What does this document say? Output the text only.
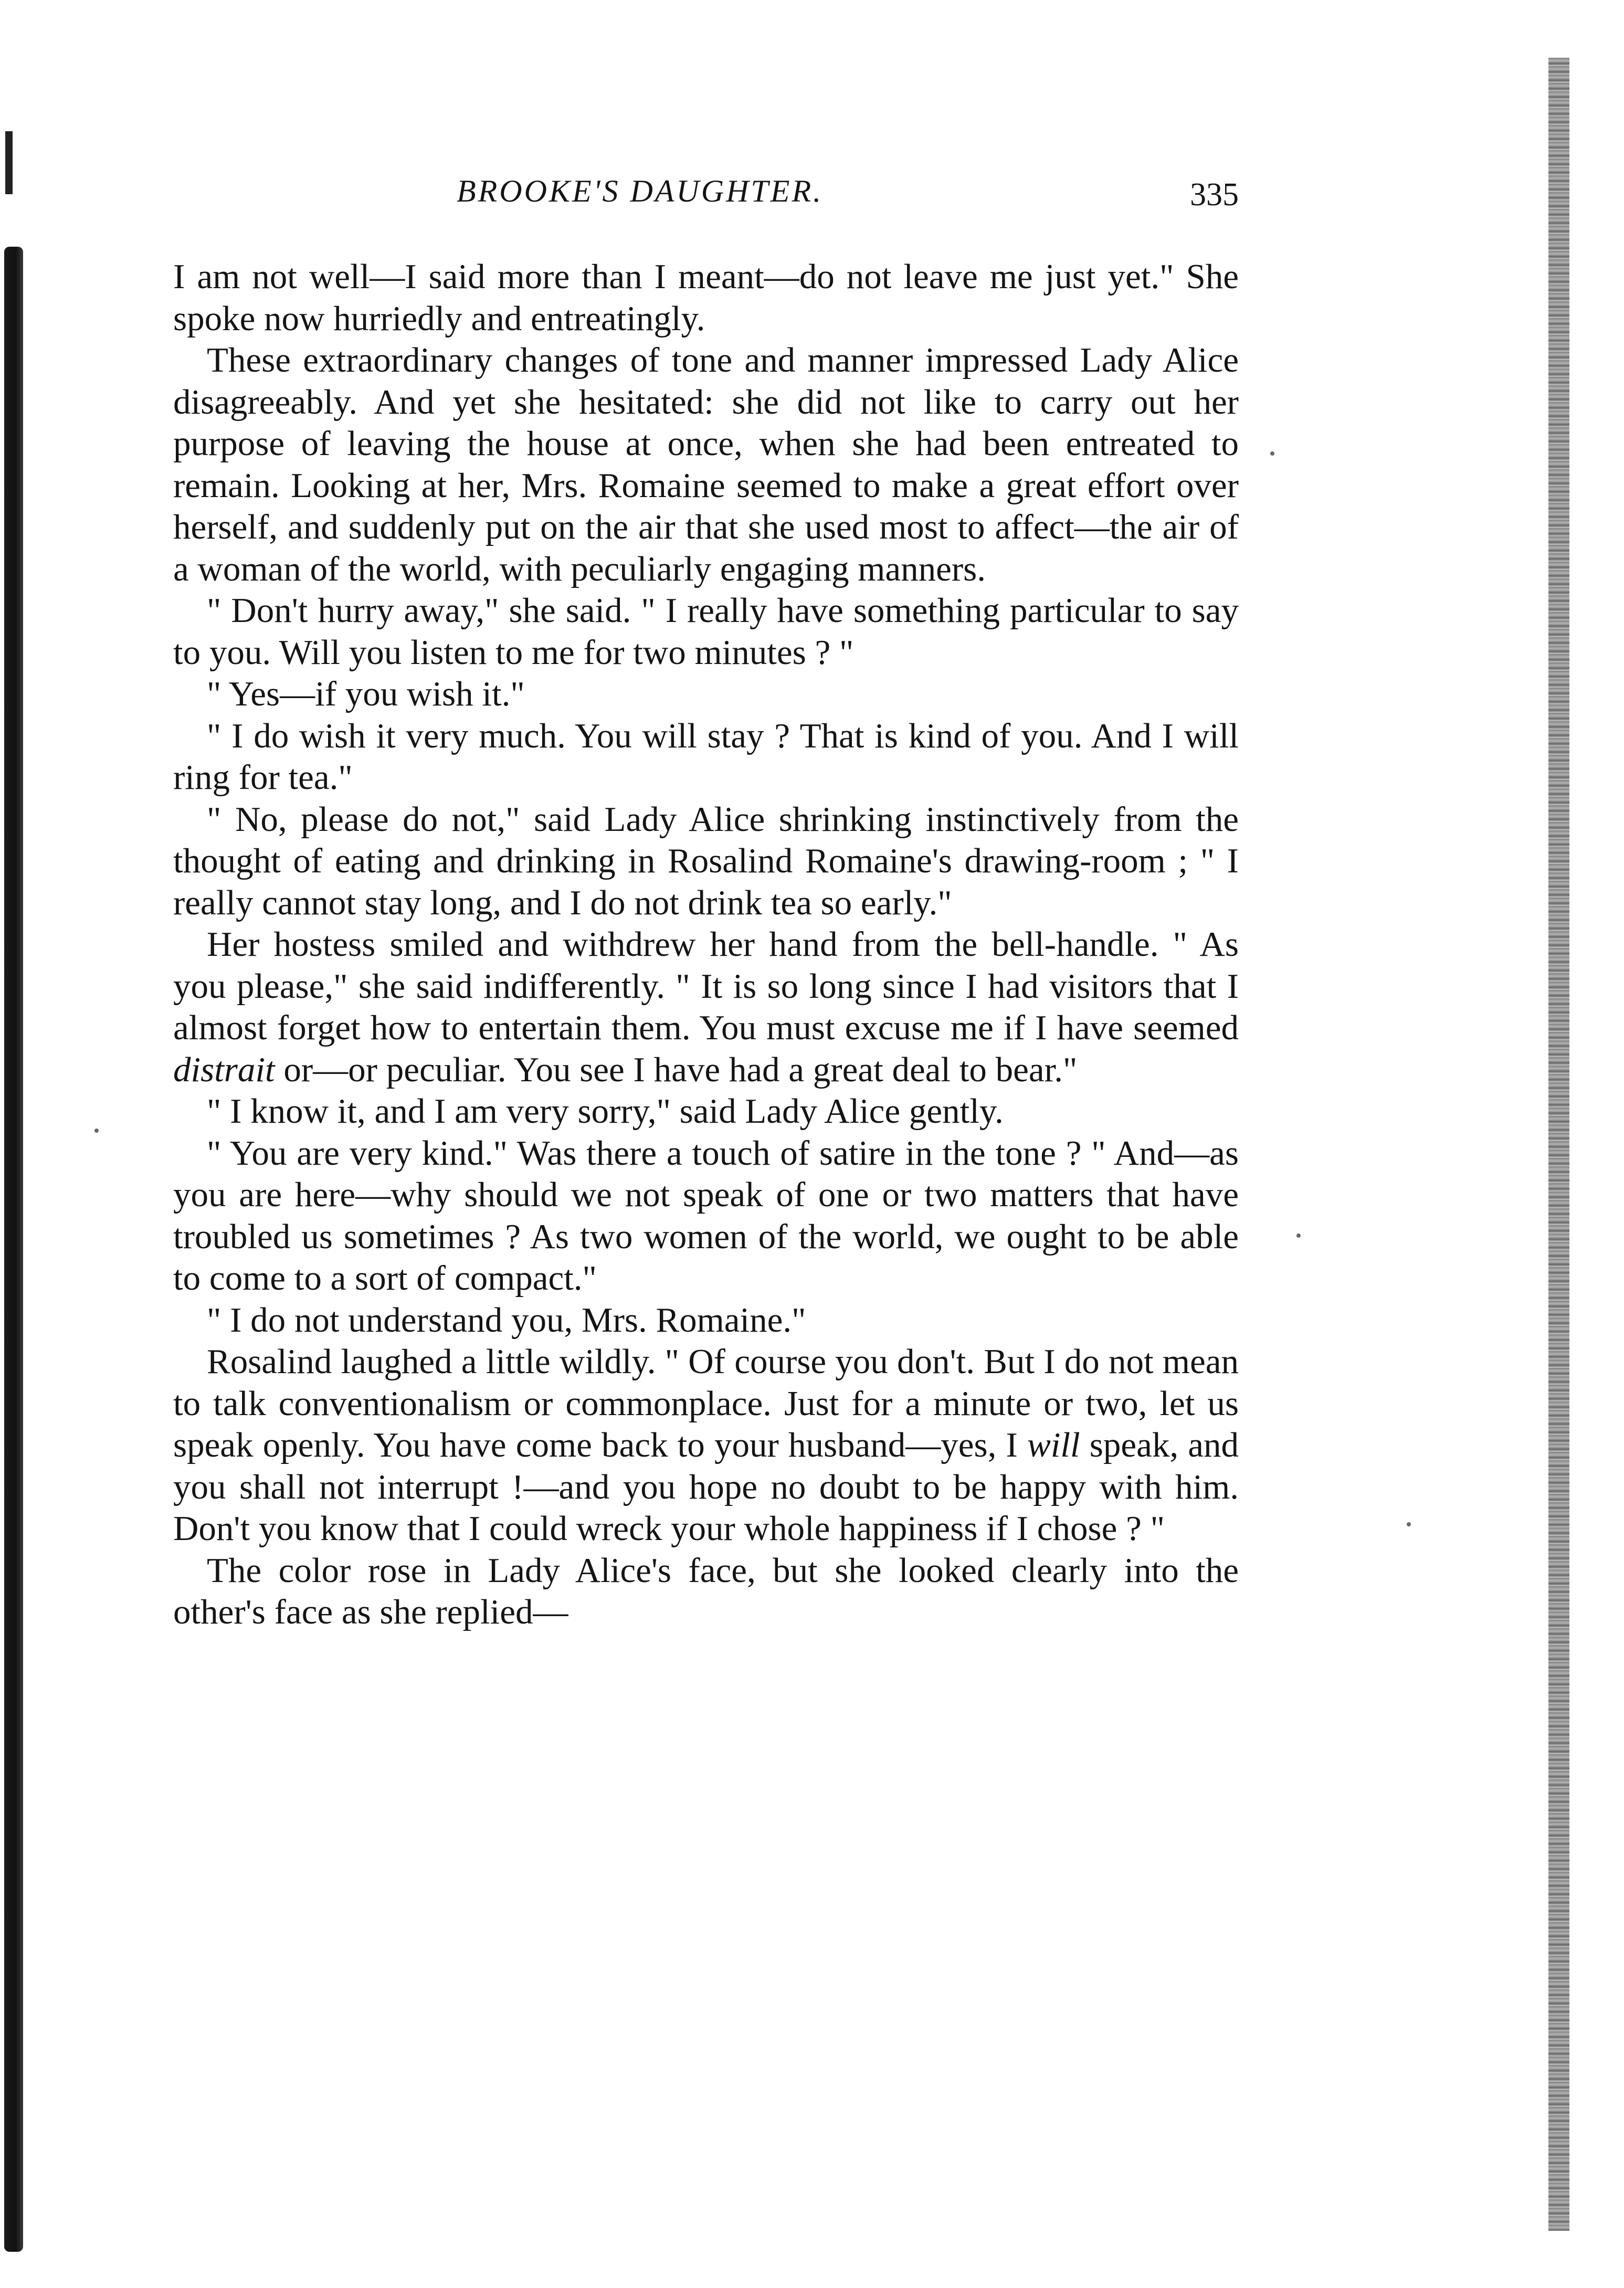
BROOKE'S DAUGHTER.	335

I am not well—I said more than I meant—do not leave me just yet." She spoke now hurriedly and entreatingly.

These extraordinary changes of tone and manner impressed Lady Alice disagreeably. And yet she hesitated: she did not like to carry out her purpose of leaving the house at once, when she had been entreated to remain. Looking at her, Mrs. Romaine seemed to make a great effort over herself, and suddenly put on the air that she used most to affect—the air of a woman of the world, with peculiarly engaging manners.

" Don't hurry away," she said. " I really have something particular to say to you. Will you listen to me for two minutes ? "

" Yes—if you wish it."

" I do wish it very much. You will stay ? That is kind of you. And I will ring for tea."

" No, please do not," said Lady Alice shrinking instinctively from the thought of eating and drinking in Rosalind Romaine's drawing-room ; " I really cannot stay long, and I do not drink tea so early."

Her hostess smiled and withdrew her hand from the bell-handle. " As you please," she said indifferently. " It is so long since I had visitors that I almost forget how to entertain them. You must excuse me if I have seemed distrait or—or peculiar. You see I have had a great deal to bear."

" I know it, and I am very sorry," said Lady Alice gently.

" You are very kind." Was there a touch of satire in the tone ? " And—as you are here—why should we not speak of one or two matters that have troubled us sometimes ? As two women of the world, we ought to be able to come to a sort of compact."

" I do not understand you, Mrs. Romaine."

Rosalind laughed a little wildly. " Of course you don't. But I do not mean to talk conventionalism or commonplace. Just for a minute or two, let us speak openly. You have come back to your husband—yes, I will speak, and you shall not interrupt !—and you hope no doubt to be happy with him. Don't you know that I could wreck your whole happiness if I chose ? "

The color rose in Lady Alice's face, but she looked clearly into the other's face as she replied—
